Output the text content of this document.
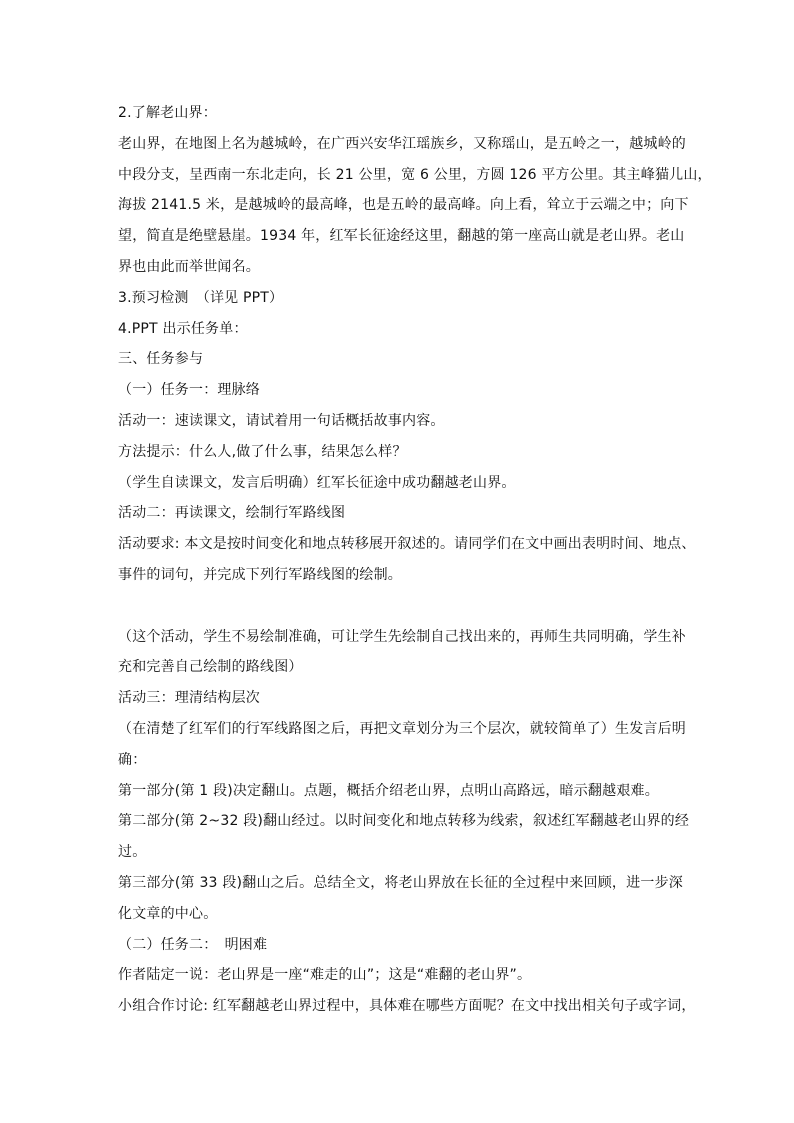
2.了解老山界：
老山界，在地图上名为越城岭，在广西兴安华江瑶族乡，又称瑶山，是五岭之一，越城岭的
中段分支，呈西南一东北走向，长 21 公里，宽 6 公里，方圆 126 平方公里。其主峰猫儿山，
海拔 2141.5 米，是越城岭的最高峰，也是五岭的最高峰。向上看，耸立于云端之中；向下
望，简直是绝壁悬崖。1934 年，红军长征途经这里，翻越的第一座高山就是老山界。老山
界也由此而举世闻名。
3.预习检测　（详见 PPT）
4.PPT 出示任务单：
三、任务参与
（一）任务一：理脉络
活动一：速读课文，请试着用一句话概括故事内容。
方法提示：什么人,做了什么事，结果怎么样？
（学生自读课文，发言后明确）红军长征途中成功翻越老山界。
活动二：再读课文，绘制行军路线图
活动要求: 本文是按时间变化和地点转移展开叙述的。请同学们在文中画出表明时间、地点、
事件的词句，并完成下列行军路线图的绘制。
（这个活动，学生不易绘制准确，可让学生先绘制自己找出来的，再师生共同明确，学生补
充和完善自己绘制的路线图）
活动三：理清结构层次
（在清楚了红军们的行军线路图之后，再把文章划分为三个层次，就较简单了）生发言后明
确：
第一部分(第 1 段)决定翻山。点题，概括介绍老山界，点明山高路远，暗示翻越艰难。
第二部分(第 2~32 段)翻山经过。以时间变化和地点转移为线索，叙述红军翻越老山界的经
过。
第三部分(第 33 段)翻山之后。总结全文，将老山界放在长征的全过程中来回顾，进一步深
化文章的中心。
（二）任务二：　明困难
作者陆定一说：老山界是一座“难走的山”；这是“难翻的老山界”。
小组合作讨论: 红军翻越老山界过程中，具体难在哪些方面呢？在文中找出相关句子或字词，
